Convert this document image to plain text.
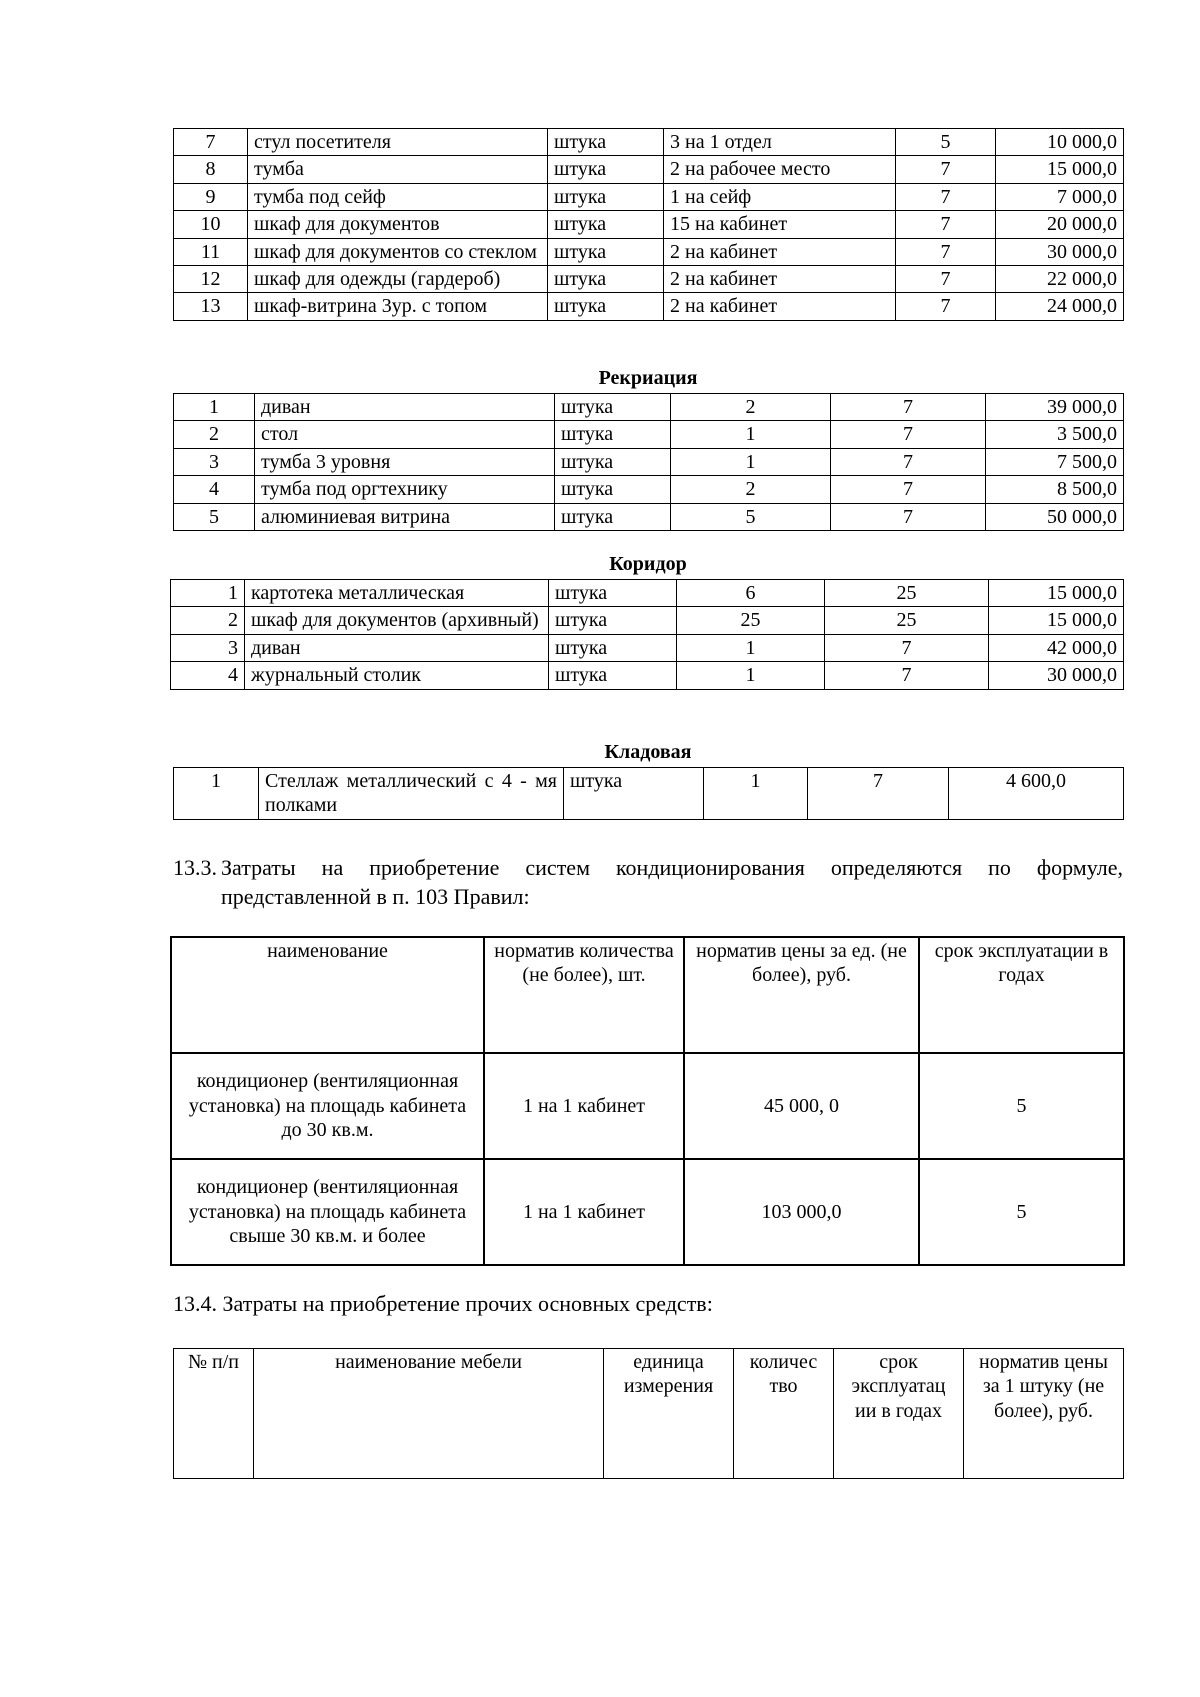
7	стул посетителя	штука	3 на 1 отдел	5	10 000,0
8	тумба	штука	2 на рабочее место	7	15 000,0
9	тумба под сейф	штука	1 на сейф	7	7 000,0
10	шкаф для документов	штука	15 на кабинет	7	20 000,0
11	шкаф для документов со стеклом	штука	2 на кабинет	7	30 000,0
12	шкаф для одежды (гардероб)	штука	2 на кабинет	7	22 000,0
13	шкаф-витрина 3ур. с топом	штука	2 на кабинет	7	24 000,0
Рекриация
1	диван	штука	2	7	39 000,0
2	стол	штука	1	7	3 500,0
3	тумба 3 уровня	штука	1	7	7 500,0
4	тумба под оргтехнику	штука	2	7	8 500,0
5	алюминиевая витрина	штука	5	7	50 000,0
Коридор
1	картотека металлическая	штука	6	25	15 000,0
2	шкаф для документов (архивный)	штука	25	25	15 000,0
3	диван	штука	1	7	42 000,0
4	журнальный столик	штука	1	7	30 000,0
Кладовая
1	Стеллаж металлический с 4 - мя полками	штука	1	7	4 600,0
13.3. Затраты на приобретение систем кондиционирования определяются по формуле, представленной в п. 103 Правил:
наименование	норматив количества (не более), шт.	норматив цены за ед. (не более), руб.	срок эксплуатации в годах
кондиционер (вентиляционная установка) на площадь кабинета до 30 кв.м.	1 на 1 кабинет	45 000, 0	5
кондиционер (вентиляционная установка) на площадь кабинета свыше 30 кв.м. и более	1 на 1 кабинет	103 000,0	5
13.4. Затраты на приобретение прочих основных средств:
№ п/п	наименование мебели	единица измерения	количес тво	срок эксплуатац ии в годах	норматив цены за 1 штуку (не более), руб.
